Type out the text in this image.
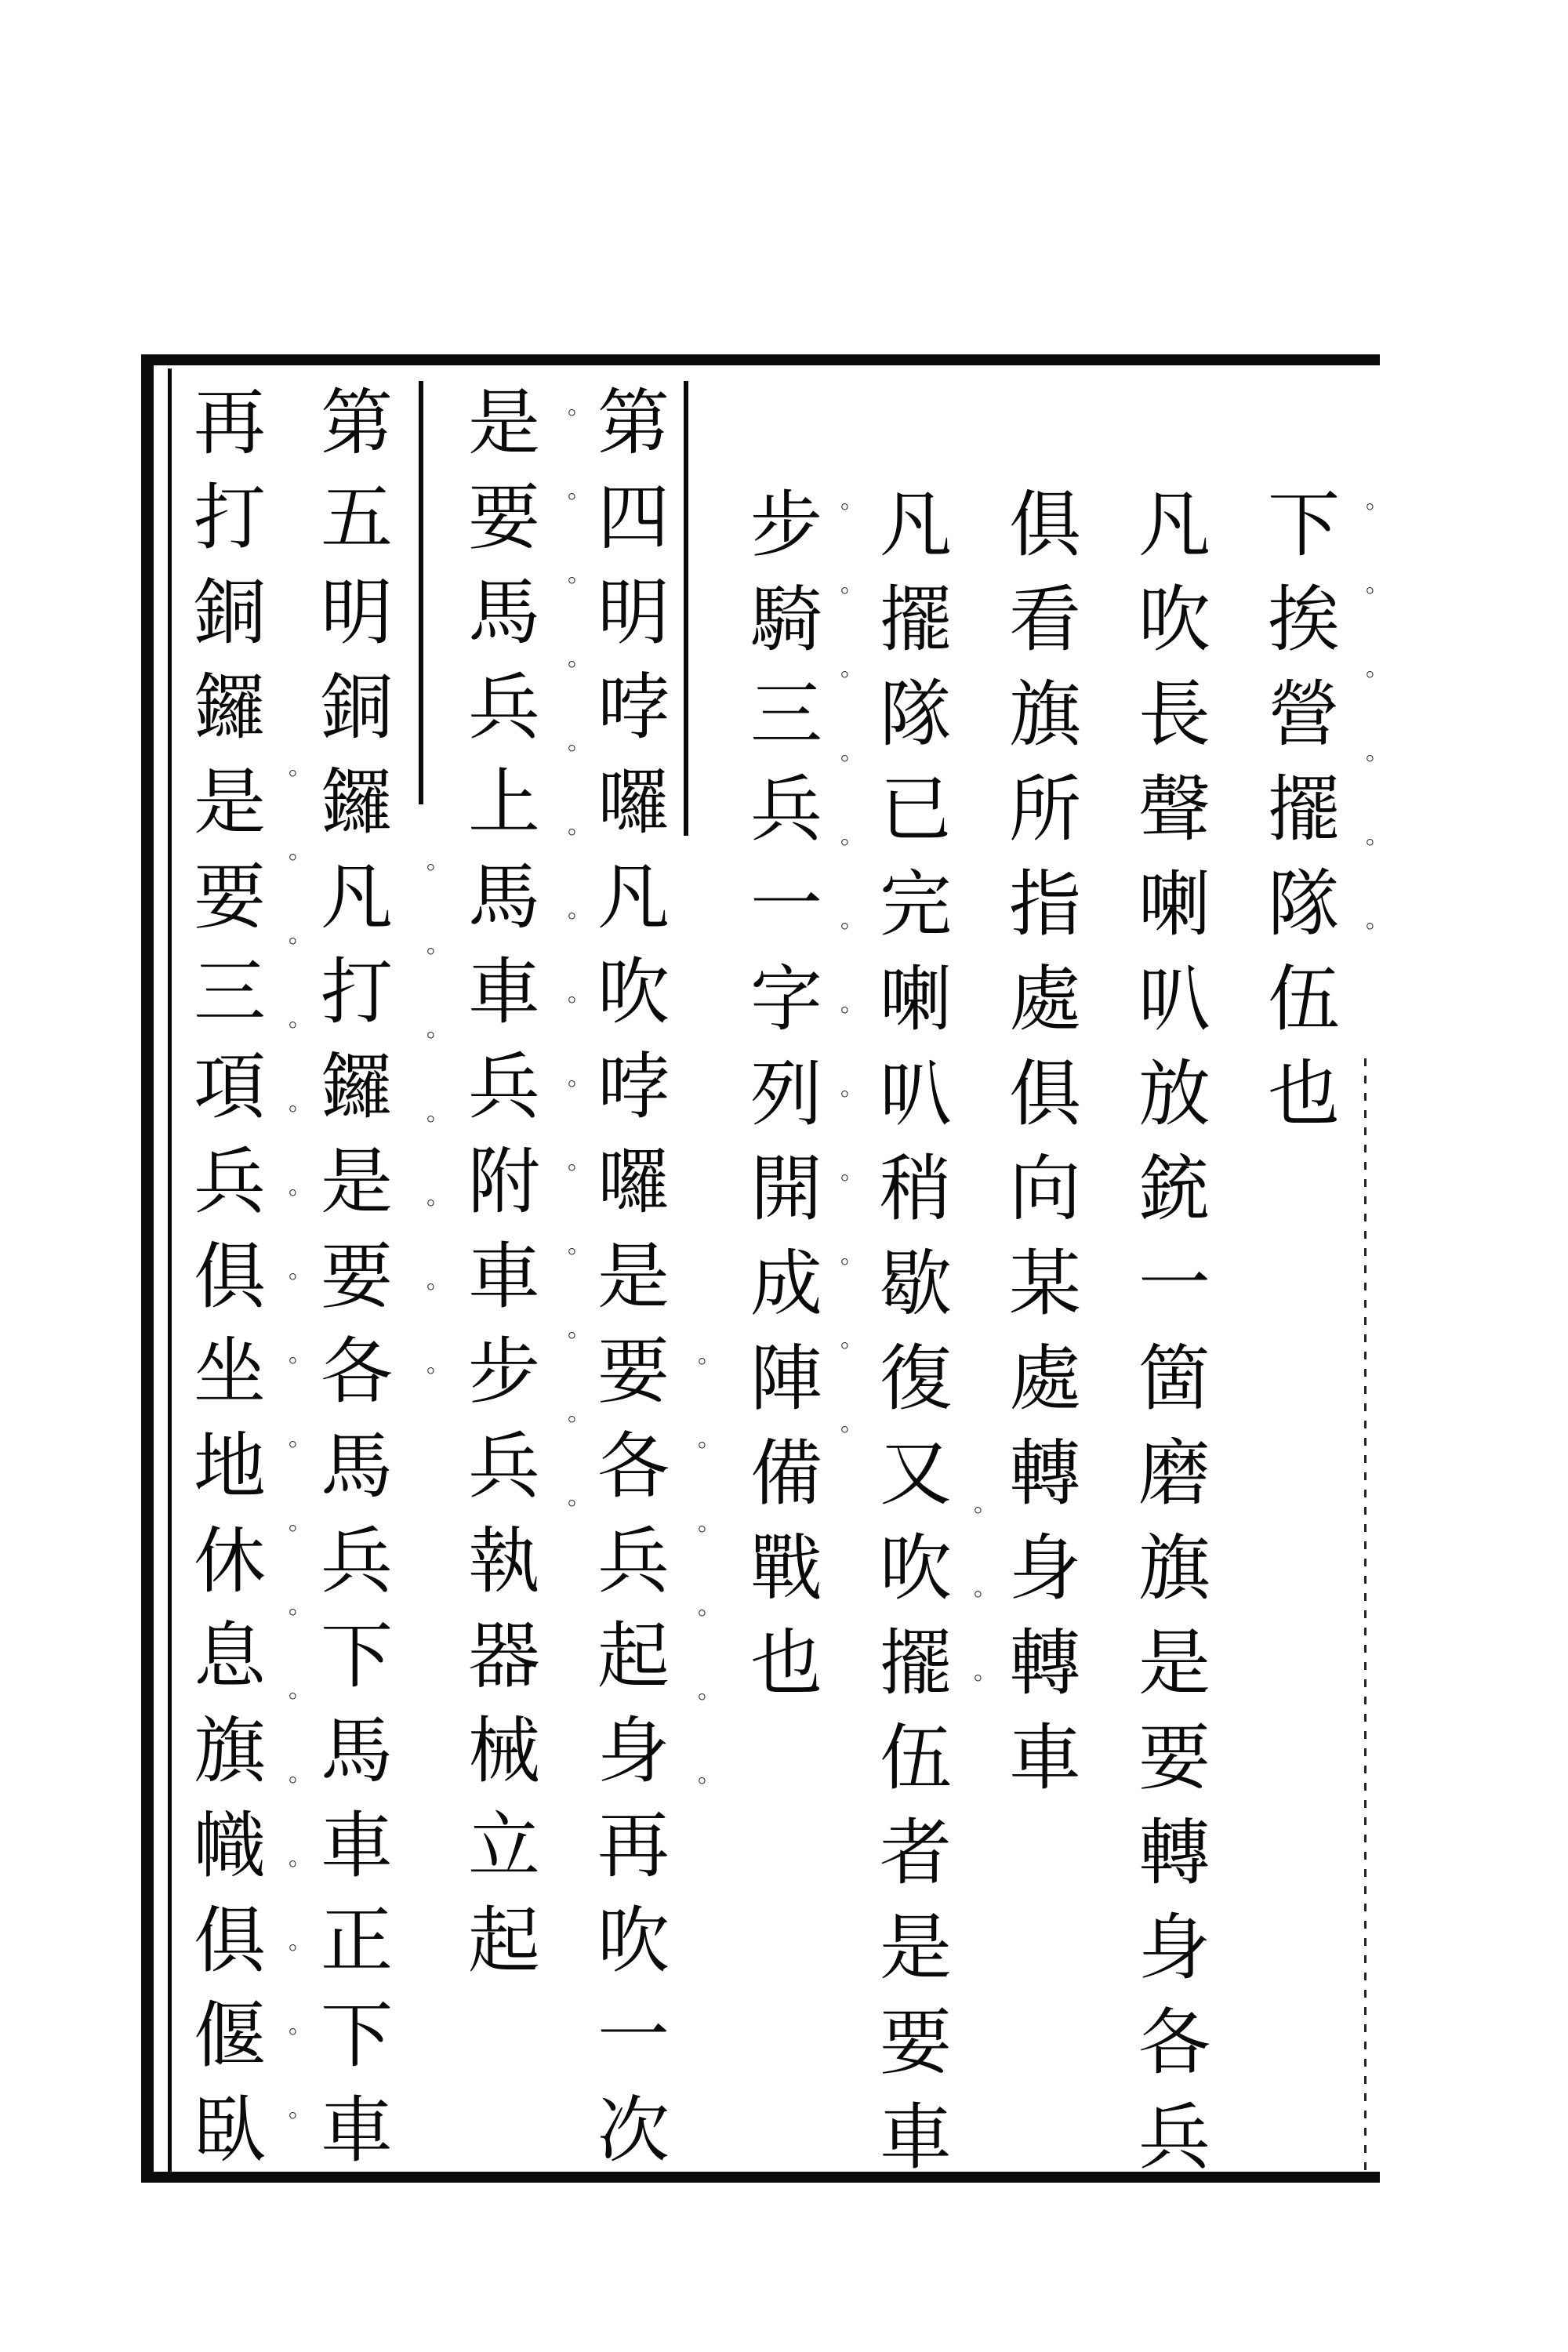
下挨營擺隊伍也
凡吹長聲喇叭放銃一箇磨旗是要轉身各兵
俱看旗所指處俱向某處轉身轉車
凡擺隊已完喇叭稍歇復又吹擺伍者是要車
步騎三兵一字列開成陣備戰也
第四明哱囉凡吹哱囉是要各兵起身再吹一次
是要馬兵上馬車兵附車步兵執器械立起
第五明銅鑼凡打鑼是要各馬兵下馬車正下車
再打銅鑼是要三項兵俱坐地休息旗幟俱偃臥	。。。。。。
。。。
。。。。。。。。。。。。
。。。。。。
。。。。。。。。。。。。。。
。。。。。。。
。。。。。。。。。。。。。。。。。
